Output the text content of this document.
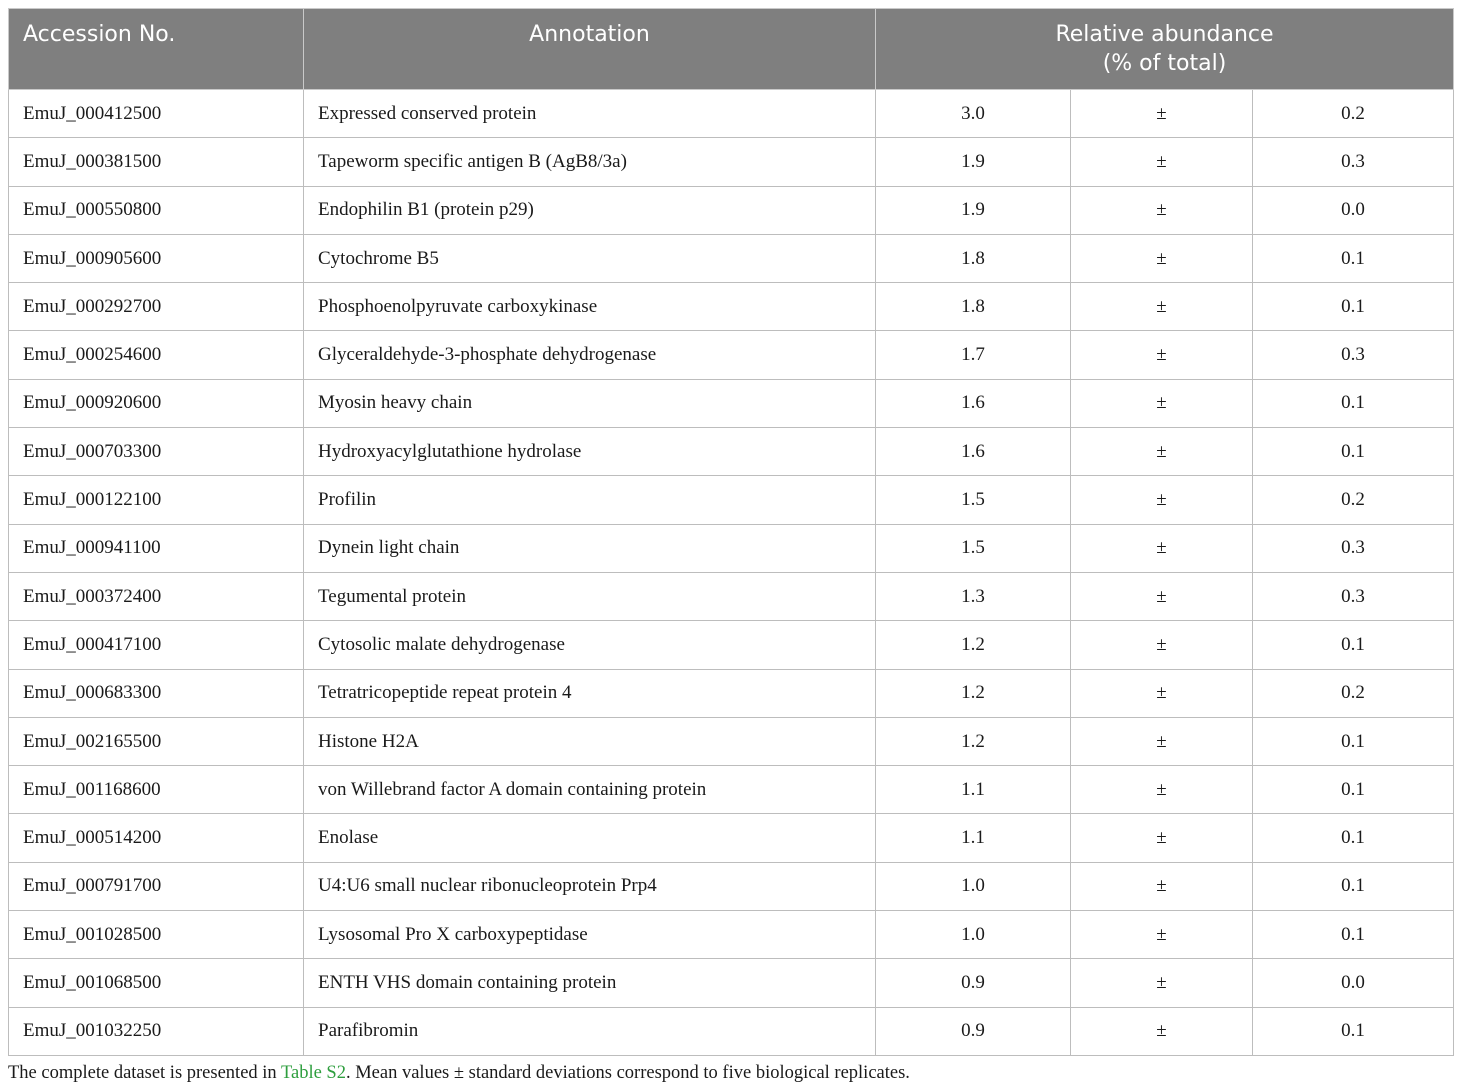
Accession No.	Annotation	Relative abundance
(% of total)		

EmuJ_000412500	Expressed conserved protein	3.0	±	0.2
EmuJ_000381500	Tapeworm specific antigen B (AgB8/3a)	1.9	±	0.3
EmuJ_000550800	Endophilin B1 (protein p29)	1.9	±	0.0
EmuJ_000905600	Cytochrome B5	1.8	±	0.1
EmuJ_000292700	Phosphoenolpyruvate carboxykinase	1.8	±	0.1
EmuJ_000254600	Glyceraldehyde-3-phosphate dehydrogenase	1.7	±	0.3
EmuJ_000920600	Myosin heavy chain	1.6	±	0.1
EmuJ_000703300	Hydroxyacylglutathione hydrolase	1.6	±	0.1
EmuJ_000122100	Profilin	1.5	±	0.2
EmuJ_000941100	Dynein light chain	1.5	±	0.3
EmuJ_000372400	Tegumental protein	1.3	±	0.3
EmuJ_000417100	Cytosolic malate dehydrogenase	1.2	±	0.1
EmuJ_000683300	Tetratricopeptide repeat protein 4	1.2	±	0.2
EmuJ_002165500	Histone H2A	1.2	±	0.1
EmuJ_001168600	von Willebrand factor A domain containing protein	1.1	±	0.1
EmuJ_000514200	Enolase	1.1	±	0.1
EmuJ_000791700	U4:U6 small nuclear ribonucleoprotein Prp4	1.0	±	0.1
EmuJ_001028500	Lysosomal Pro X carboxypeptidase	1.0	±	0.1
EmuJ_001068500	ENTH VHS domain containing protein	0.9	±	0.0
EmuJ_001032250	Parafibromin	0.9	±	0.1
The complete dataset is presented in Table S2. Mean values ± standard deviations correspond to five biological replicates.
